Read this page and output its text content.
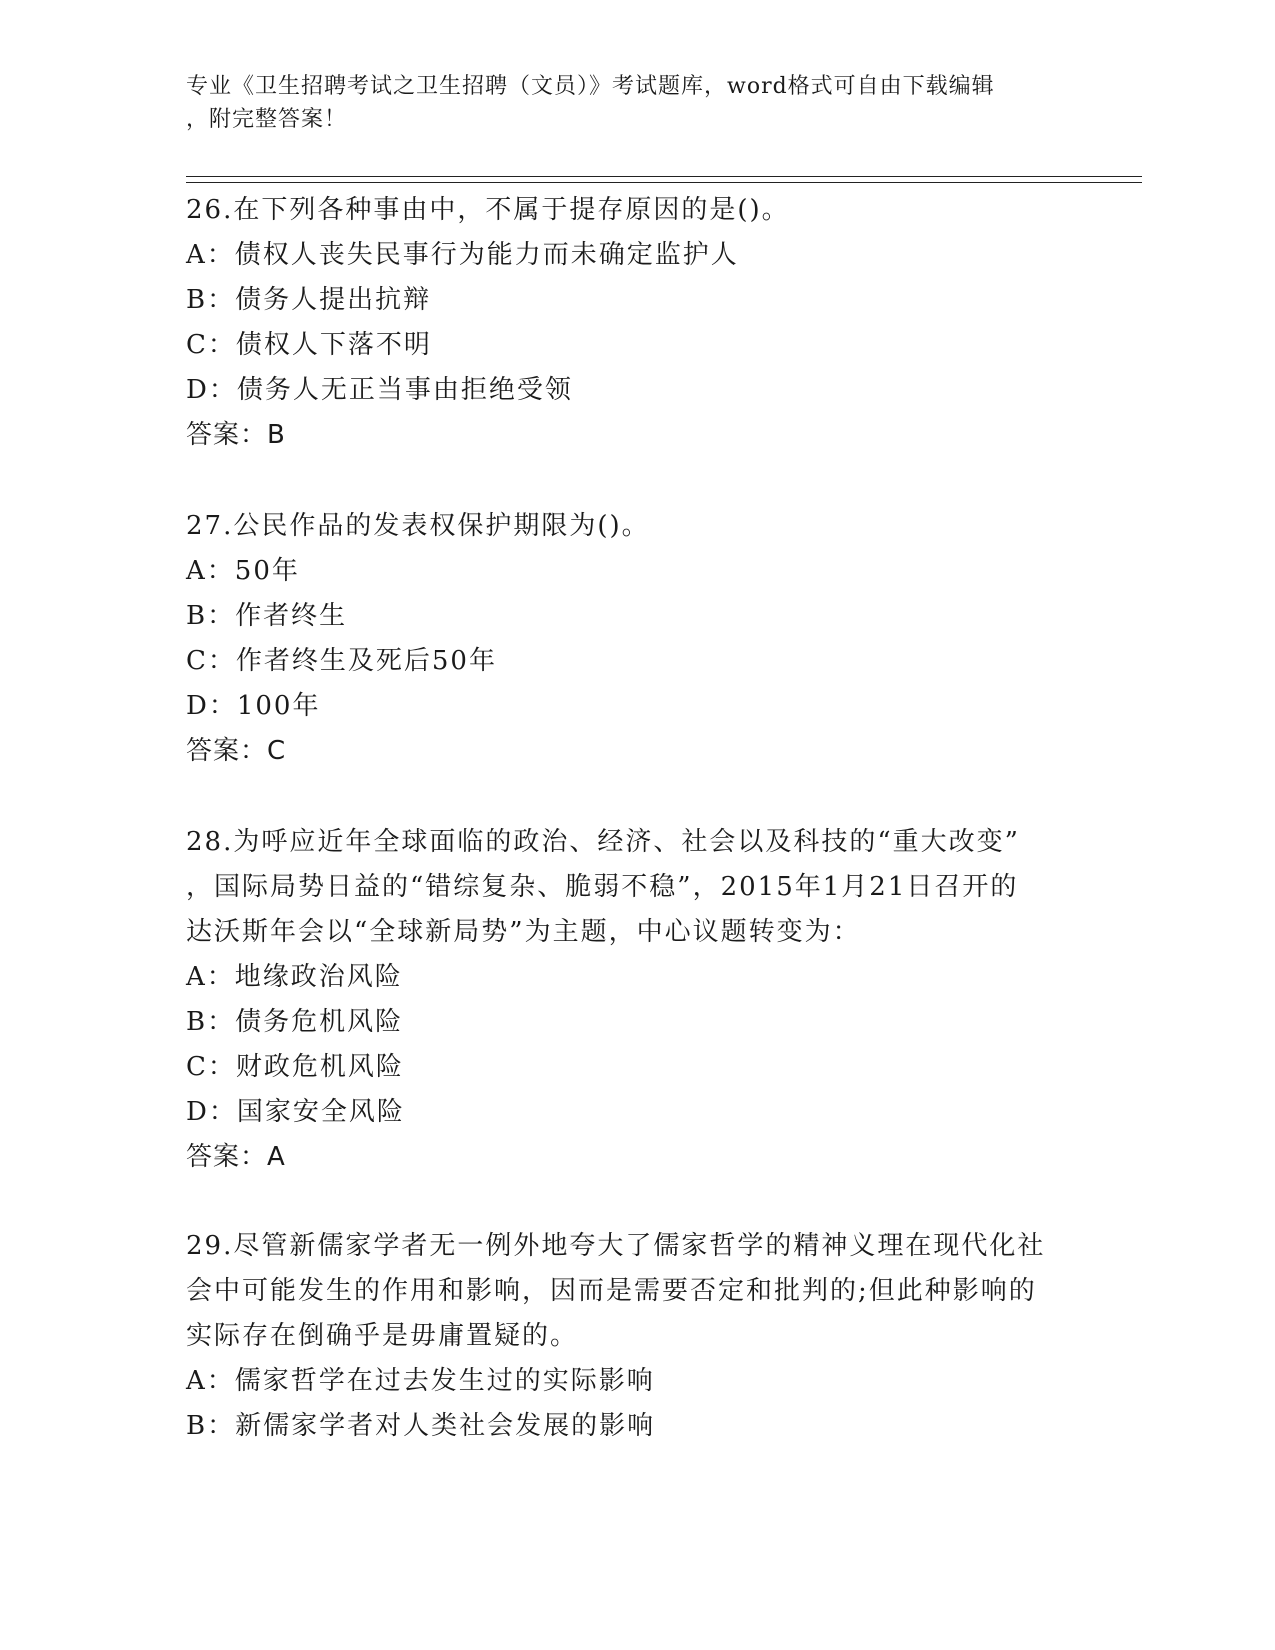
专业《卫生招聘考试之卫生招聘（文员）》考试题库，word格式可自由下载编辑
，附完整答案！
26.在下列各种事由中，不属于提存原因的是()。
A：债权人丧失民事行为能力而未确定监护人
B：债务人提出抗辩
C：债权人下落不明
D：债务人无正当事由拒绝受领
答案：B
27.公民作品的发表权保护期限为()。
A：50年
B：作者终生
C：作者终生及死后50年
D：100年
答案：C
28.为呼应近年全球面临的政治、经济、社会以及科技的“重大改变”
，国际局势日益的“错综复杂、脆弱不稳”，2015年1月21日召开的
达沃斯年会以“全球新局势”为主题，中心议题转变为：
A：地缘政治风险
B：债务危机风险
C：财政危机风险
D：国家安全风险
答案：A
29.尽管新儒家学者无一例外地夸大了儒家哲学的精神义理在现代化社
会中可能发生的作用和影响，因而是需要否定和批判的;但此种影响的
实际存在倒确乎是毋庸置疑的。
A：儒家哲学在过去发生过的实际影响
B：新儒家学者对人类社会发展的影响
